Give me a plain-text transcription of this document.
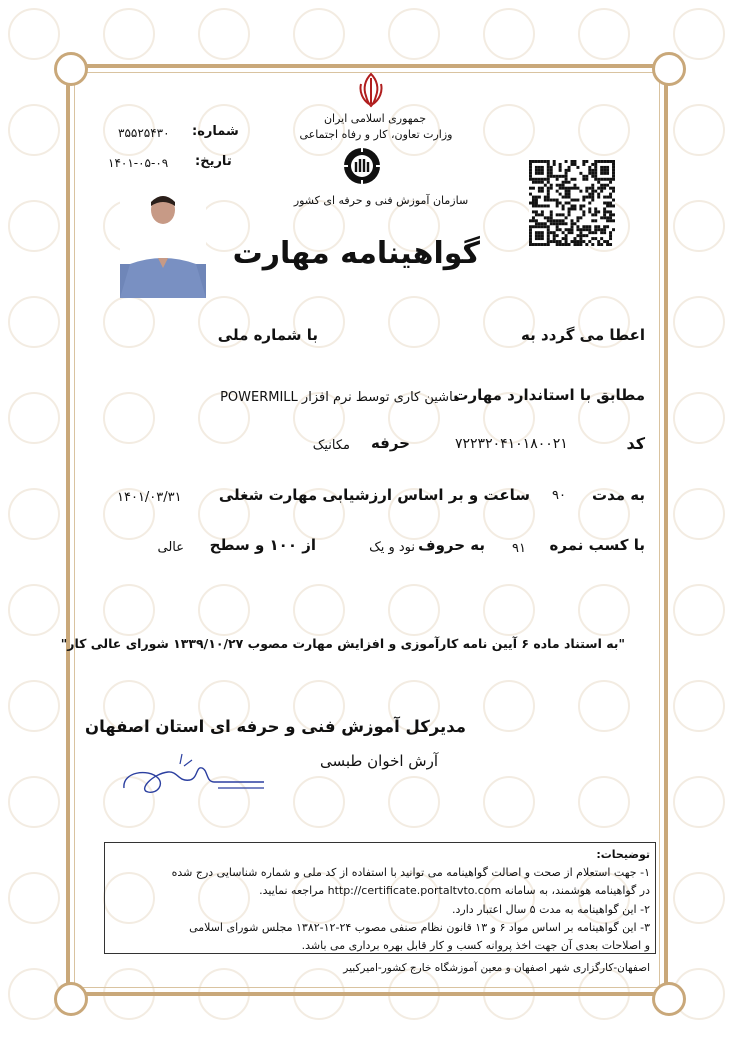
جمهوری اسلامی ایران
وزارت تعاون، کار و رفاه اجتماعی
شماره:
۳۵۵۲۵۴۳۰
تاریخ:
۱۴۰۱-۰۵-۰۹
سازمان آموزش فنی و حرفه ای کشور
گواهینامه مهارت
اعطا می گردد به
با شماره ملی
مطابق با استاندارد مهارت
ماشین کاری توسط نرم افزار POWERMILL
کد
۷۲۲۳۲۰۴۱۰۱۸۰۰۲۱
حرفه
مکانیک
به مدت
۹۰
ساعت و بر اساس ارزشیابی مهارت شغلی
۱۴۰۱/۰۳/۳۱
با کسب نمره
۹۱
به حروف
نود و یک
از ۱۰۰ و سطح
عالی
"به استناد ماده ۶ آیین نامه کارآموزی و افزایش مهارت مصوب ۱۳۳۹/۱۰/۲۷ شورای عالی کار"
مدیرکل آموزش فنی و حرفه ای استان اصفهان
آرش اخوان طبسی
توضیحات:
۱- جهت استعلام از صحت و اصالت گواهینامه می توانید با استفاده از کد ملی و شماره شناسایی درج شده
در گواهینامه هوشمند، به سامانه http://certificate.portaltvto.com مراجعه نمایید.
۲- این گواهینامه به مدت ۵ سال اعتبار دارد.
۳- این گواهینامه بر اساس مواد ۶ و ۱۳ قانون نظام صنفی مصوب ۲۴-۱۲-۱۳۸۲ مجلس شورای اسلامی
و اصلاحات بعدی آن جهت اخذ پروانه کسب و کار قابل بهره برداری می باشد.
اصفهان-کارگزاری شهر اصفهان و معین آموزشگاه خارج کشور-امیرکبیر
